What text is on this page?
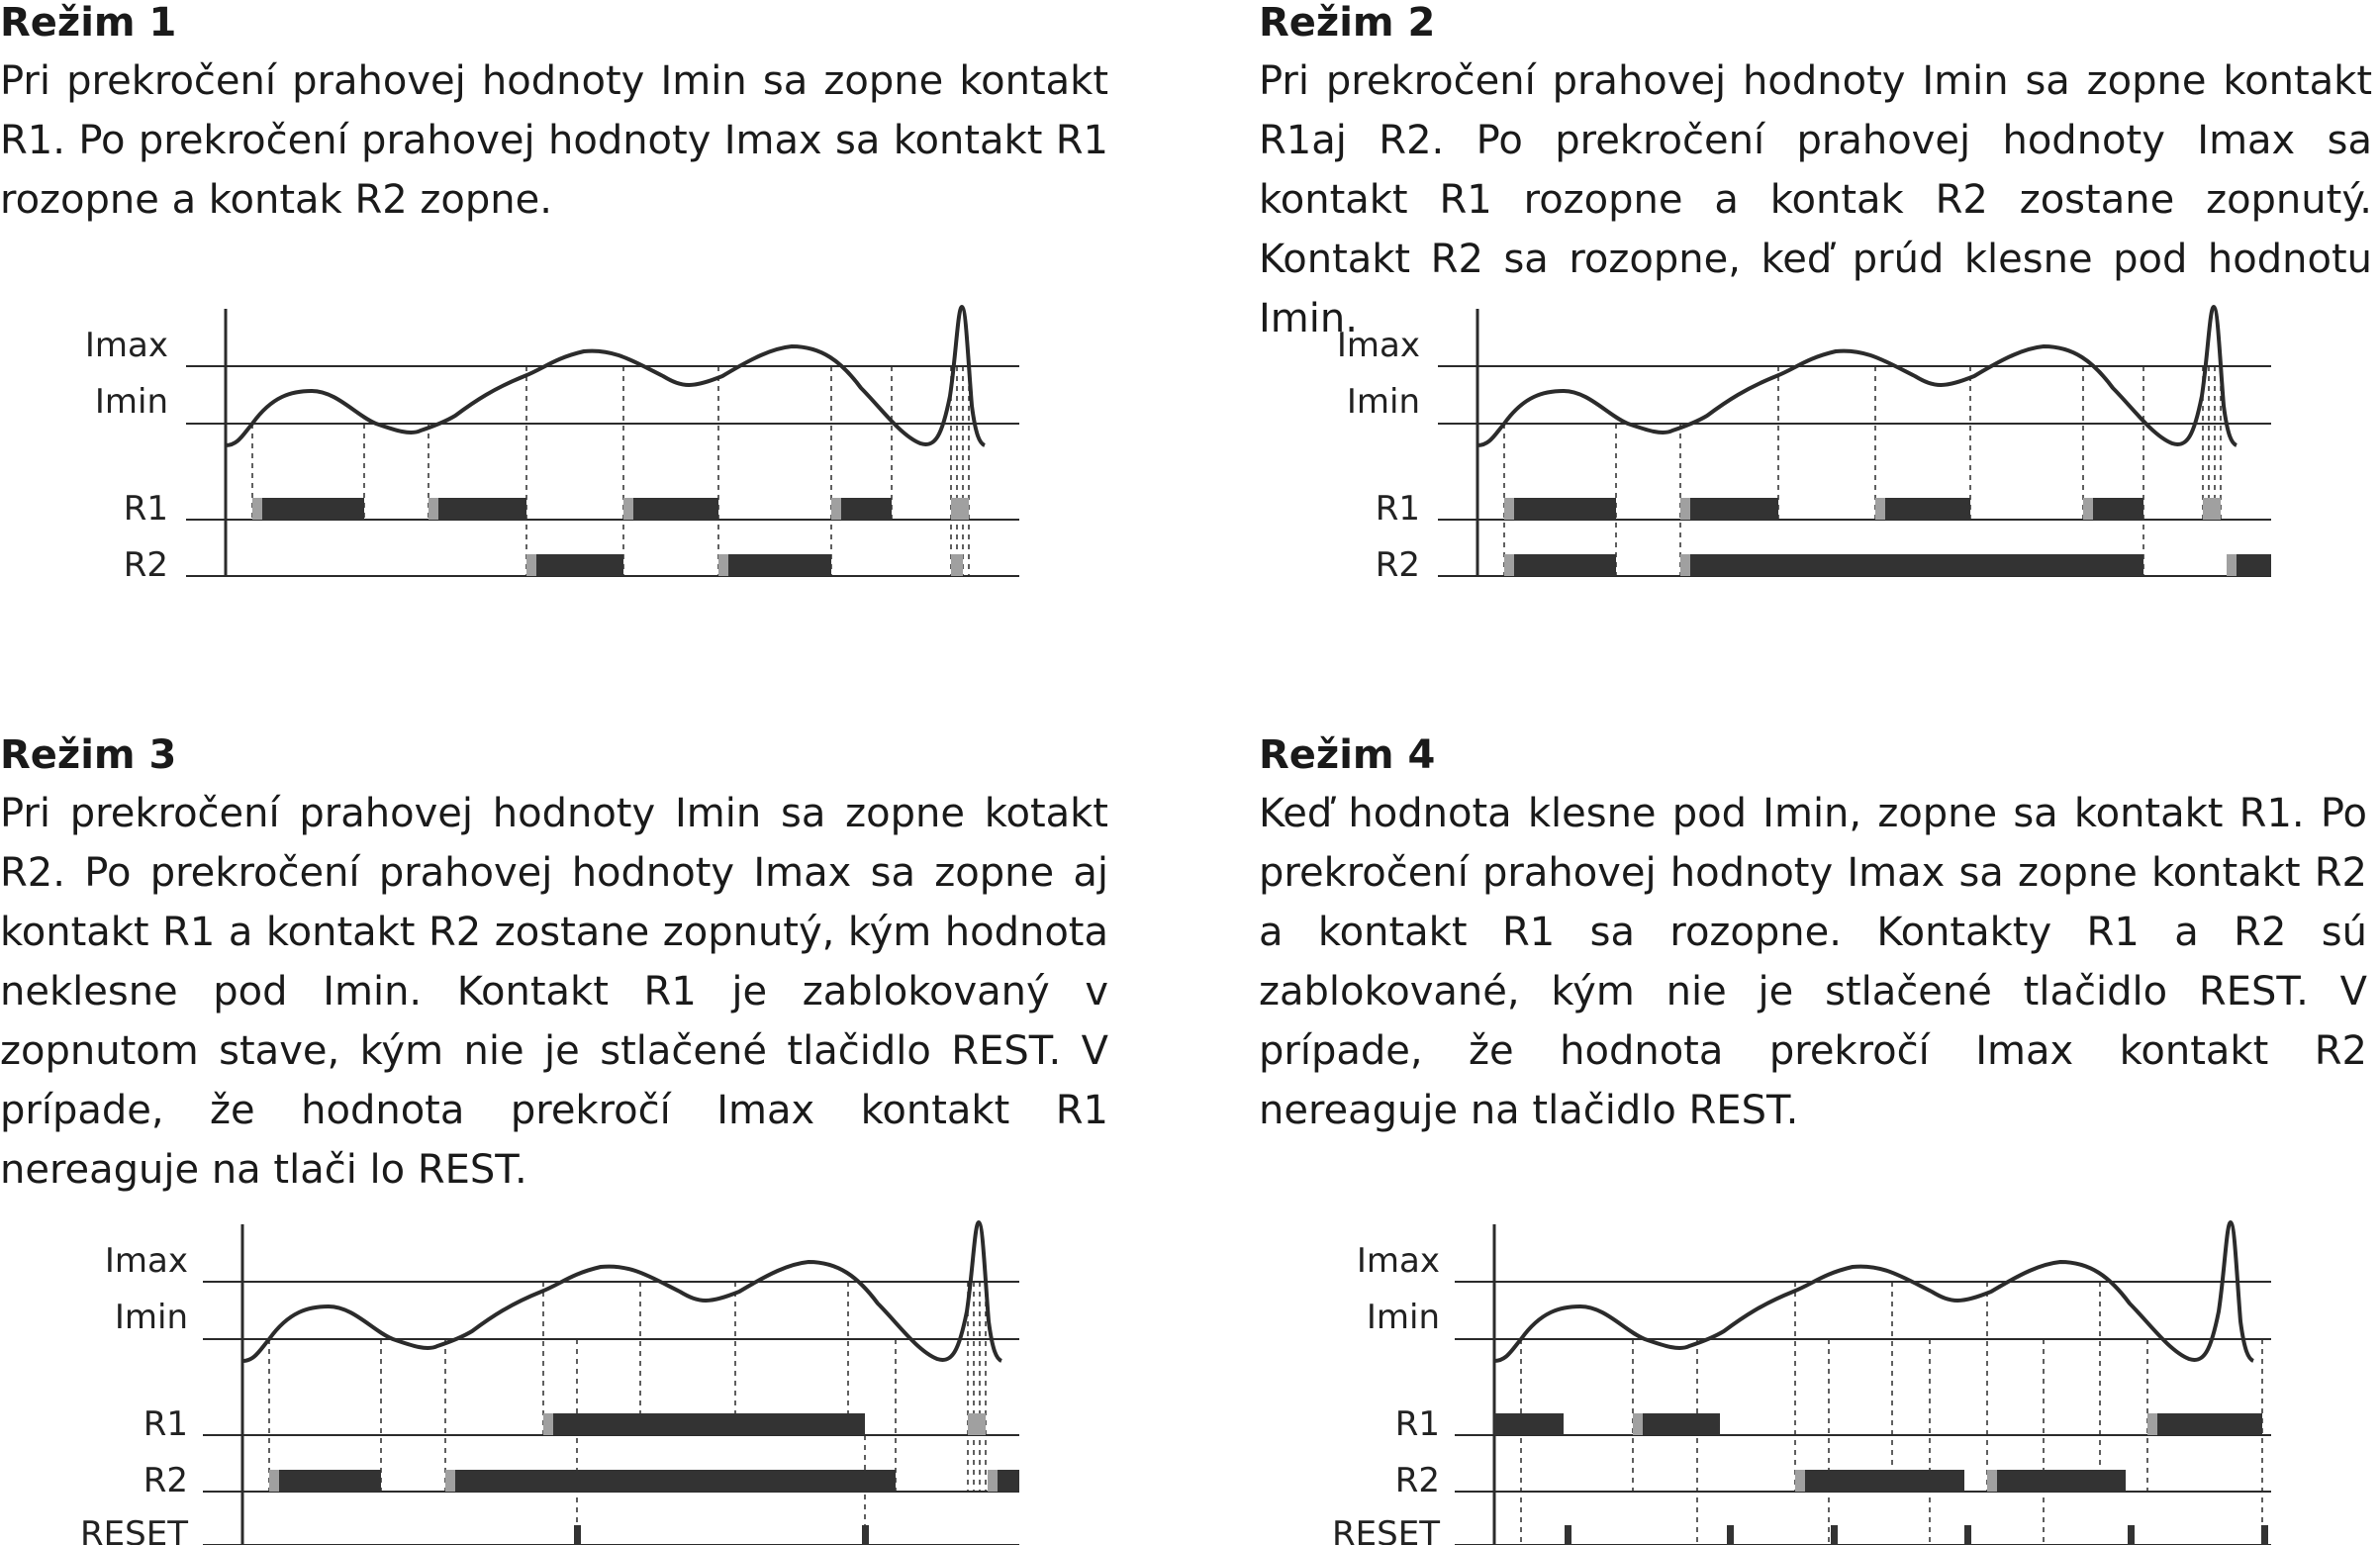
Režim 1

Pri prekročení prahovej hodnoty Imin sa zopne kontakt R1. Po prekročení prahovej hodnoty Imax sa kontakt R1 rozopne a kontak R2 zopne.

Režim 2

Pri prekročení prahovej hodnoty Imin sa zopne kontakt R1aj R2. Po prekročení prahovej hodnoty Imax sa kontakt R1 rozopne a kontak R2 zostane zopnutý. Kontakt R2 sa rozopne, keď prúd klesne pod hodnotu Imin.

Režim 3

Pri prekročení prahovej hodnoty Imin sa zopne kotakt R2. Po prekročení prahovej hodnoty Imax sa zopne aj kontakt R1 a kontakt R2 zostane zopnutý, kým hodnota neklesne pod Imin. Kontakt R1 je zablokovaný v zopnutom stave, kým nie je stlačené tlačidlo REST. V prípade, že hodnota prekročí Imax kontakt R1 nereaguje na tlači lo REST.

Režim 4

Keď hodnota klesne pod Imin, zopne sa kontakt R1. Po prekročení prahovej hodnoty Imax sa zopne kontakt R2 a kontakt R1 sa rozopne. Kontakty R1 a R2 sú zablokované, kým nie je stlačené tlačidlo REST. V prípade, že hodnota prekročí Imax kontakt R2 nereaguje na tlačidlo REST.

Imax
Imin
R1
R2
Imax
Imin
R1
R2
Imax
Imin
R1
R2
RESET
Imax
Imin
R1
R2
RESET
